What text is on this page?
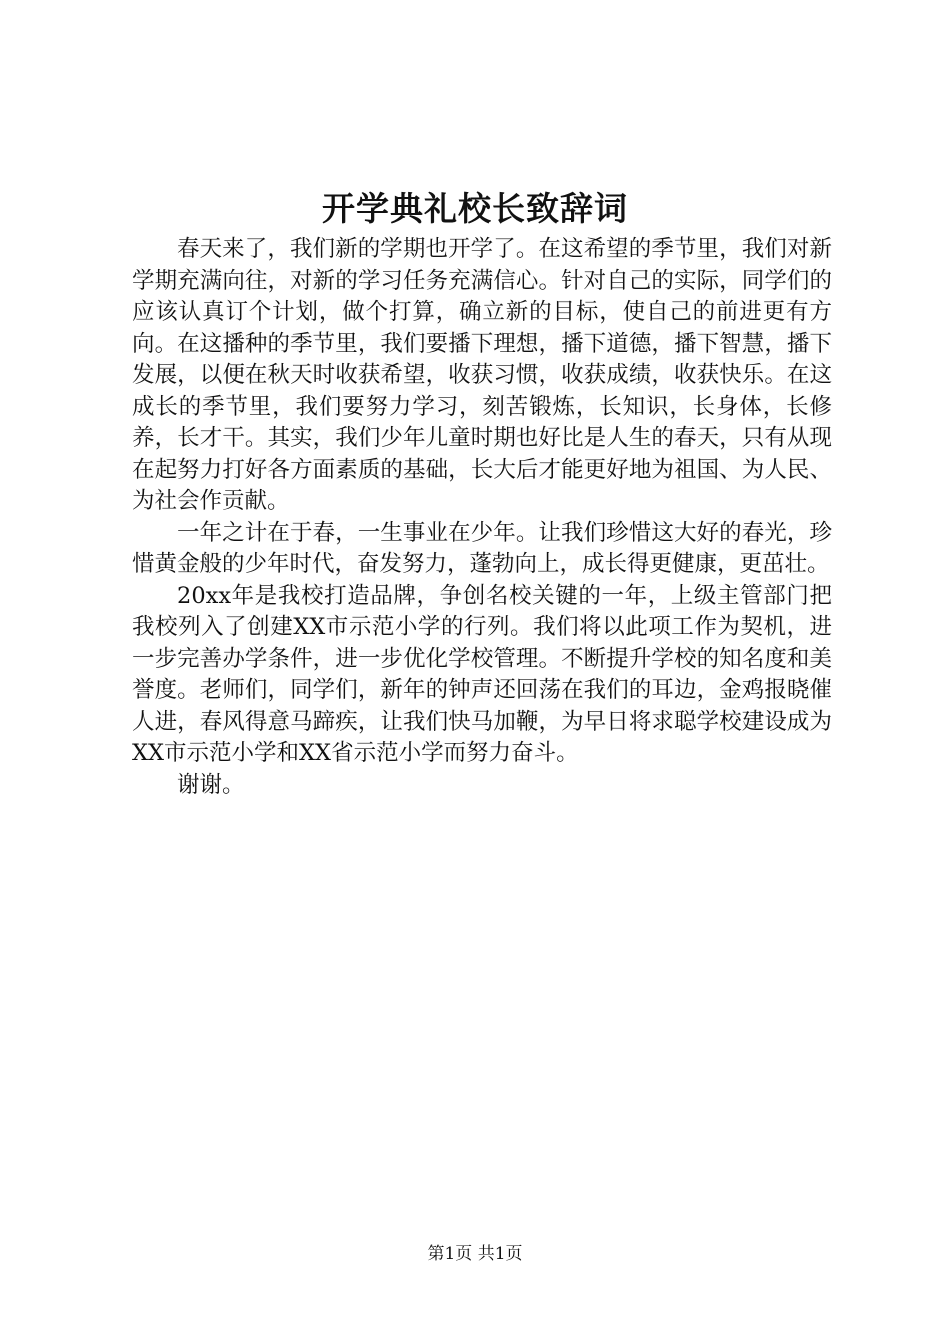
开学典礼校长致辞词

春天来了，我们新的学期也开学了。在这希望的季节里，我们对新学期充满向往，对新的学习任务充满信心。针对自己的实际，同学们的应该认真订个计划，做个打算，确立新的目标，使自己的前进更有方向。在这播种的季节里，我们要播下理想，播下道德，播下智慧，播下发展，以便在秋天时收获希望，收获习惯，收获成绩，收获快乐。在这成长的季节里，我们要努力学习，刻苦锻炼，长知识，长身体，长修养，长才干。其实，我们少年儿童时期也好比是人生的春天，只有从现在起努力打好各方面素质的基础，长大后才能更好地为祖国、为人民、为社会作贡献。

一年之计在于春，一生事业在少年。让我们珍惜这大好的春光，珍惜黄金般的少年时代，奋发努力，蓬勃向上，成长得更健康，更茁壮。

20xx年是我校打造品牌，争创名校关键的一年，上级主管部门把我校列入了创建XX市示范小学的行列。我们将以此项工作为契机，进一步完善办学条件，进一步优化学校管理。不断提升学校的知名度和美誉度。老师们，同学们，新年的钟声还回荡在我们的耳边，金鸡报晓催人进，春风得意马蹄疾，让我们快马加鞭，为早日将求聪学校建设成为XX市示范小学和XX省示范小学而努力奋斗。

谢谢。

第1页 共1页
